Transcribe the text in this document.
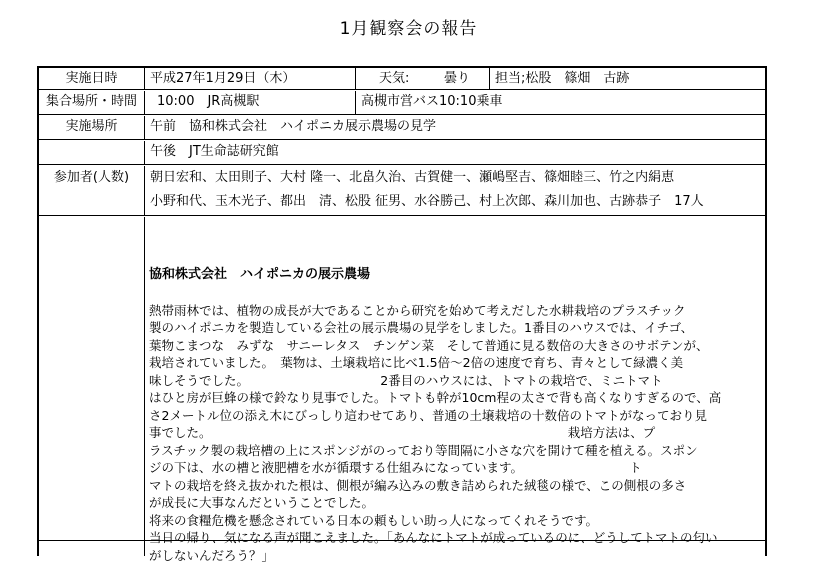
1月観察会の報告
実施日時	平成27年1月29日（木）	天気:	曇り	担当;松股　篠畑　古跡
集合場所・時間	10:00　JR高槻駅	高槻市営バス10:10乗車
実施場所	午前　協和株式会社　ハイポニカ展示農場の見学
午後　JT生命誌研究館
参加者(人数)	朝日宏和、太田則子、大村 隆一、北畠久治、古賀健一、瀬嶋堅吉、篠畑睦三、竹之内絹恵
小野和代、玉木光子、都出　清、松股 征男、水谷勝己、村上次郎、森川加也、古跡恭子　17人

協和株式会社　ハイポニカの展示農場
熱帯雨林では、植物の成長が大であることから研究を始めて考えだした水耕栽培のプラスチック
製のハイポニカを製造している会社の展示農場の見学をしました。1番目のハウスでは、イチゴ、
葉物こまつな　みずな　サニーレタス　チンゲン菜　そして普通に見る数倍の大きさのサボテンが、
栽培されていました。　葉物は、土壌栽培に比べ1.5倍～2倍の速度で育ち、青々として緑濃く美
味しそうでした。　　　　　　　　　　　2番目のハウスには、トマトの栽培で、ミニトマト
はひと房が巨蜂の様で鈴なり見事でした。トマトも幹が10cm程の太さで背も高くなりすぎるので、高
さ2メートル位の添え木にびっしり這わせてあり、普通の土壌栽培の十数倍のトマトがなっており見
事でした。　　　　　　　　　　　　　　　　　　　　　　　　　　　　　栽培方法は、プ
ラスチック製の栽培槽の上にスポンジがのっており等間隔に小さな穴を開けて種を植える。スポン
ジの下は、水の槽と液肥槽を水が循環する仕組みになっています。　　　　　　　　　ト
マトの栽培を終え抜かれた根は、側根が編み込みの敷き詰められた絨毯の様で、この側根の多さ
が成長に大事なんだということでした。
将来の食糧危機を懸念されている日本の頼もしい助っ人になってくれそうです。
当日の帰り、気になる声が聞こえました。「あんなにトマトが成っているのに、どうしてトマトの匂い
がしないんだろう？」
